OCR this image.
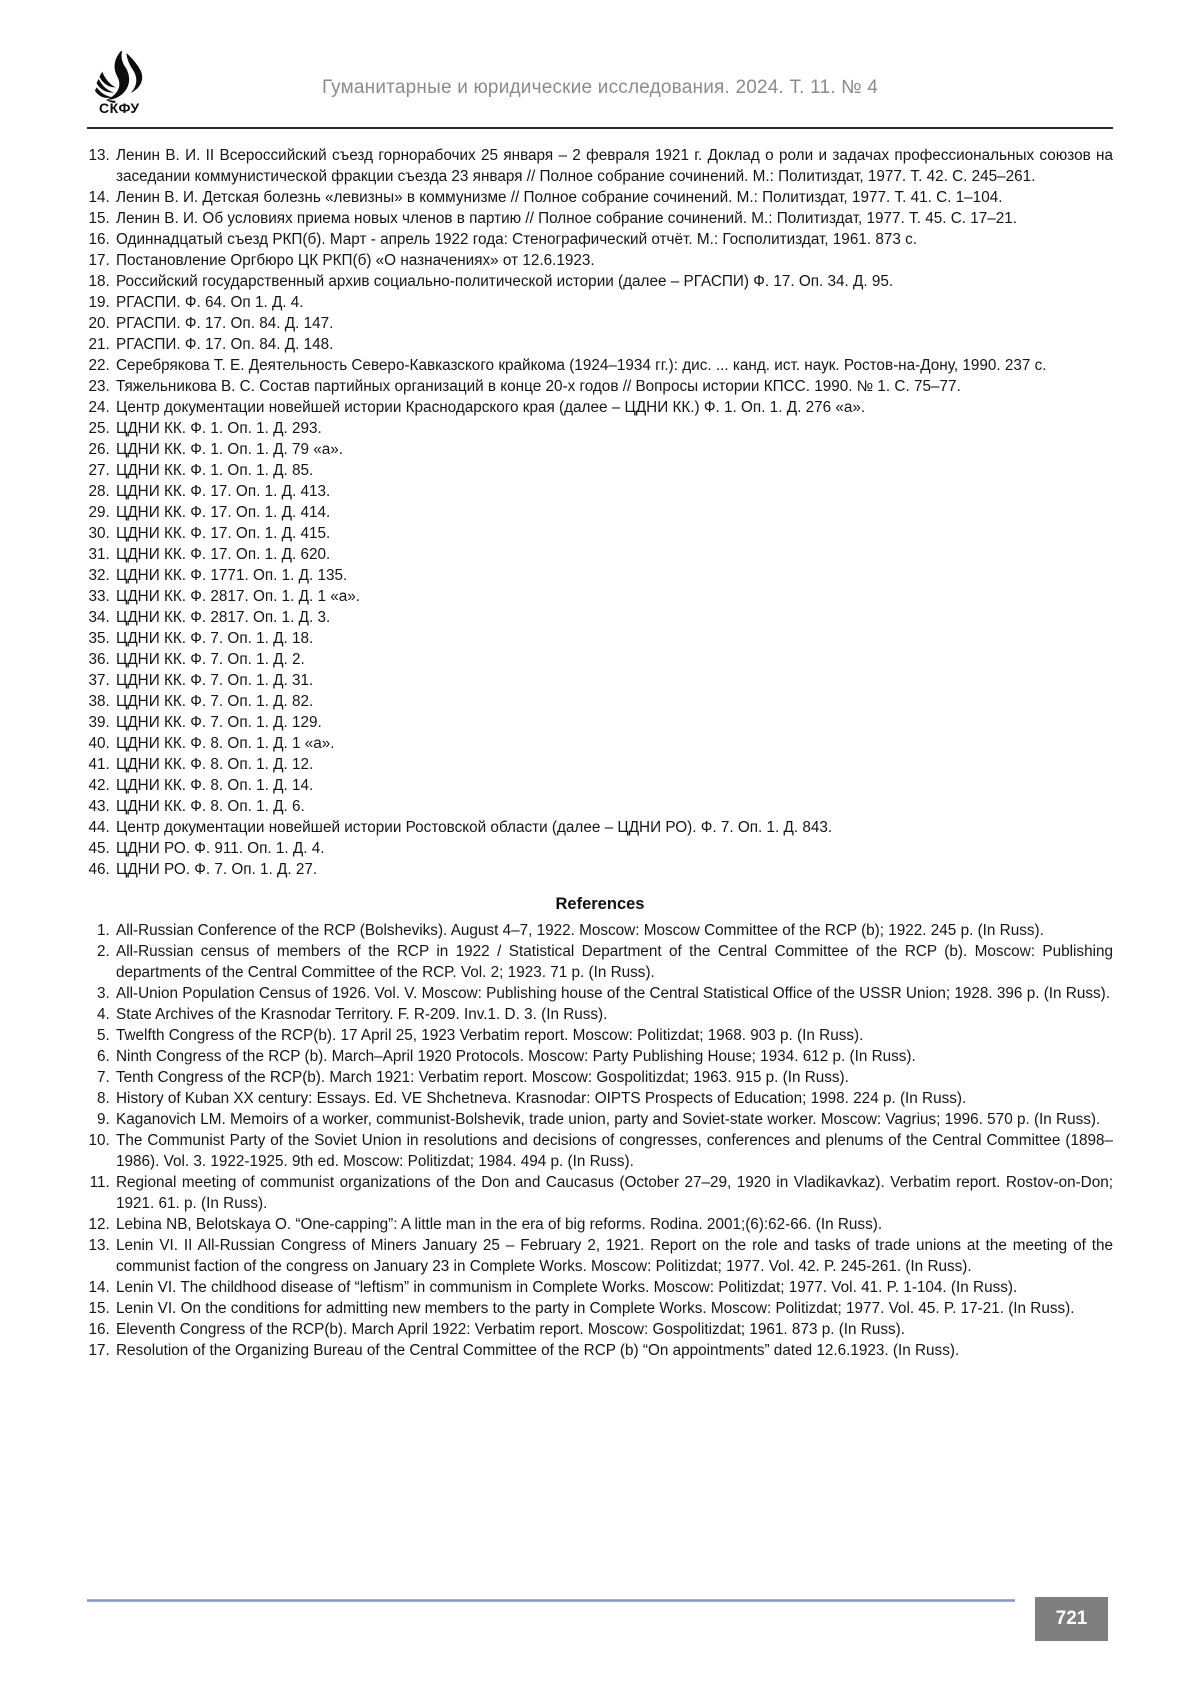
СКФУ
Гуманитарные и юридические исследования. 2024. Т. 11. № 4
13. Ленин В. И. II Всероссийский съезд горнорабочих 25 января – 2 февраля 1921 г. Доклад о роли и задачах профессиональных союзов на заседании коммунистической фракции съезда 23 января // Полное собрание сочинений. М.: Политиздат, 1977. Т. 42. С. 245–261.
14. Ленин В. И. Детская болезнь «левизны» в коммунизме // Полное собрание сочинений. М.: Политиздат, 1977. Т. 41. С. 1–104.
15. Ленин В. И. Об условиях приема новых членов в партию // Полное собрание сочинений. М.: Политиздат, 1977. Т. 45. С. 17–21.
16. Одиннадцатый съезд РКП(б). Март - апрель 1922 года: Стенографический отчёт. М.: Госполитиздат, 1961. 873 с.
17. Постановление Оргбюро ЦК РКП(б) «О назначениях» от 12.6.1923.
18. Российский государственный архив социально-политической истории (далее – РГАСПИ) Ф. 17. Оп. 34. Д. 95.
19. РГАСПИ. Ф. 64. Оп 1. Д. 4.
20. РГАСПИ. Ф. 17. Оп. 84. Д. 147.
21. РГАСПИ. Ф. 17. Оп. 84. Д. 148.
22. Серебрякова Т. Е. Деятельность Северо-Кавказского крайкома (1924–1934 гг.): дис. ... канд. ист. наук. Ростов-на-Дону, 1990. 237 с.
23. Тяжельникова В. С. Состав партийных организаций в конце 20-х годов // Вопросы истории КПСС. 1990. № 1. С. 75–77.
24. Центр документации новейшей истории Краснодарского края (далее – ЦДНИ КК.) Ф. 1. Оп. 1. Д. 276 «а».
25. ЦДНИ КК. Ф. 1. Оп. 1. Д. 293.
26. ЦДНИ КК. Ф. 1. Оп. 1. Д. 79 «а».
27. ЦДНИ КК. Ф. 1. Оп. 1. Д. 85.
28. ЦДНИ КК. Ф. 17. Оп. 1. Д. 413.
29. ЦДНИ КК. Ф. 17. Оп. 1. Д. 414.
30. ЦДНИ КК. Ф. 17. Оп. 1. Д. 415.
31. ЦДНИ КК. Ф. 17. Оп. 1. Д. 620.
32. ЦДНИ КК. Ф. 1771. Оп. 1. Д. 135.
33. ЦДНИ КК. Ф. 2817. Оп. 1. Д. 1 «а».
34. ЦДНИ КК. Ф. 2817. Оп. 1. Д. 3.
35. ЦДНИ КК. Ф. 7. Оп. 1. Д. 18.
36. ЦДНИ КК. Ф. 7. Оп. 1. Д. 2.
37. ЦДНИ КК. Ф. 7. Оп. 1. Д. 31.
38. ЦДНИ КК. Ф. 7. Оп. 1. Д. 82.
39. ЦДНИ КК. Ф. 7. Оп. 1. Д. 129.
40. ЦДНИ КК. Ф. 8. Оп. 1. Д. 1 «а».
41. ЦДНИ КК. Ф. 8. Оп. 1. Д. 12.
42. ЦДНИ КК. Ф. 8. Оп. 1. Д. 14.
43. ЦДНИ КК. Ф. 8. Оп. 1. Д. 6.
44. Центр документации новейшей истории Ростовской области (далее – ЦДНИ РО). Ф. 7. Оп. 1. Д. 843.
45. ЦДНИ РО. Ф. 911. Оп. 1. Д. 4.
46. ЦДНИ РО. Ф. 7. Оп. 1. Д. 27.
References
1. All-Russian Conference of the RCP (Bolsheviks). August 4–7, 1922. Moscow: Moscow Committee of the RCP (b); 1922. 245 p. (In Russ).
2. All-Russian census of members of the RCP in 1922 / Statistical Department of the Central Committee of the RCP (b). Moscow: Publishing departments of the Central Committee of the RCP. Vol. 2; 1923. 71 p. (In Russ).
3. All-Union Population Census of 1926. Vol. V. Moscow: Publishing house of the Central Statistical Office of the USSR Union; 1928. 396 p. (In Russ).
4. State Archives of the Krasnodar Territory. F. R-209. Inv.1. D. 3. (In Russ).
5. Twelfth Congress of the RCP(b). 17 April 25, 1923 Verbatim report. Moscow: Politizdat; 1968. 903 p. (In Russ).
6. Ninth Congress of the RCP (b). March–April 1920 Protocols. Moscow: Party Publishing House; 1934. 612 p. (In Russ).
7. Tenth Congress of the RCP(b). March 1921: Verbatim report. Moscow: Gospolitizdat; 1963. 915 p. (In Russ).
8. History of Kuban XX century: Essays. Ed. VE Shchetneva. Krasnodar: OIPTS Prospects of Education; 1998. 224 p. (In Russ).
9. Kaganovich LM. Memoirs of a worker, communist-Bolshevik, trade union, party and Soviet-state worker. Moscow: Vagrius; 1996. 570 p. (In Russ).
10. The Communist Party of the Soviet Union in resolutions and decisions of congresses, conferences and plenums of the Central Committee (1898–1986). Vol. 3. 1922-1925. 9th ed. Moscow: Politizdat; 1984. 494 p. (In Russ).
11. Regional meeting of communist organizations of the Don and Caucasus (October 27–29, 1920 in Vladikavkaz). Verbatim report. Rostov-on-Don; 1921. 61. p. (In Russ).
12. Lebina NB, Belotskaya O. “One-capping”: A little man in the era of big reforms. Rodina. 2001;(6):62-66. (In Russ).
13. Lenin VI. II All-Russian Congress of Miners January 25 – February 2, 1921. Report on the role and tasks of trade unions at the meeting of the communist faction of the congress on January 23 in Complete Works. Moscow: Politizdat; 1977. Vol. 42. P. 245-261. (In Russ).
14. Lenin VI. The childhood disease of “leftism” in communism in Complete Works. Moscow: Politizdat; 1977. Vol. 41. P. 1-104. (In Russ).
15. Lenin VI. On the conditions for admitting new members to the party in Complete Works. Moscow: Politizdat; 1977. Vol. 45. P. 17-21. (In Russ).
16. Eleventh Congress of the RCP(b). March April 1922: Verbatim report. Moscow: Gospolitizdat; 1961. 873 p. (In Russ).
17. Resolution of the Organizing Bureau of the Central Committee of the RCP (b) “On appointments” dated 12.6.1923. (In Russ).
721
